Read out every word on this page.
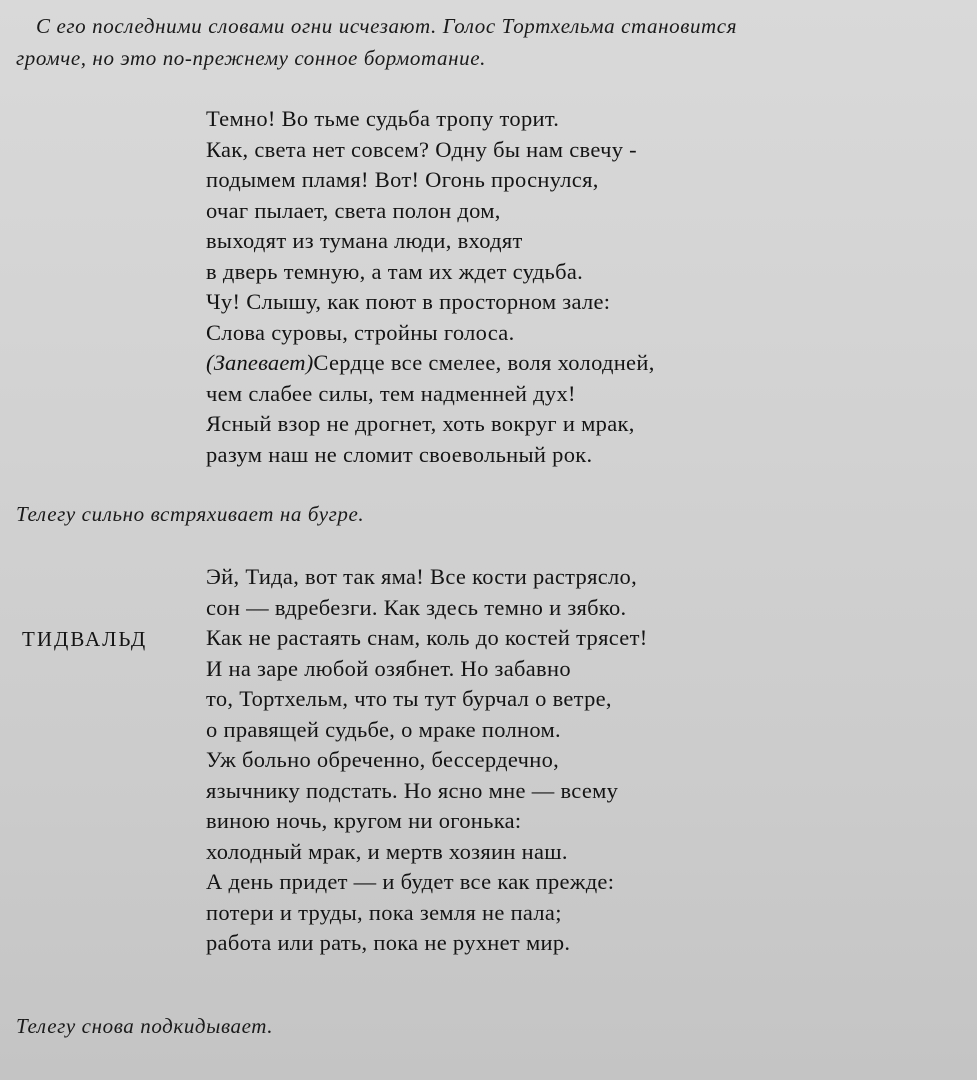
С его последними словами огни исчезают. Голос Тортхельма становится
громче, но это по-прежнему сонное бормотание.
Темно! Во тьме судьба тропу торит.
Как, света нет совсем? Одну бы нам свечу -
подымем пламя! Вот! Огонь проснулся,
очаг пылает, света полон дом,
выходят из тумана люди, входят
в дверь темную, а там их ждет судьба.
Чу! Слышу, как поют в просторном зале:
Слова суровы, стройны голоса.
(Запевает)Сердце все смелее, воля холодней,
чем слабее силы, тем надменней дух!
Ясный взор не дрогнет, хоть вокруг и мрак,
разум наш не сломит своевольный рок.
Телегу сильно встряхивает на бугре.
ТИДВАЛЬД
Эй, Тида, вот так яма! Все кости растрясло,
сон — вдребезги. Как здесь темно и зябко.
Как не растаять снам, коль до костей трясет!
И на заре любой озябнет. Но забавно
то, Тортхельм, что ты тут бурчал о ветре,
о правящей судьбе, о мраке полном.
Уж больно обреченно, бессердечно,
язычнику подстать. Но ясно мне — всему
виною ночь, кругом ни огонька:
холодный мрак, и мертв хозяин наш.
А день придет — и будет все как прежде:
потери и труды, пока земля не пала;
работа или рать, пока не рухнет мир.
Телегу снова подкидывает.
